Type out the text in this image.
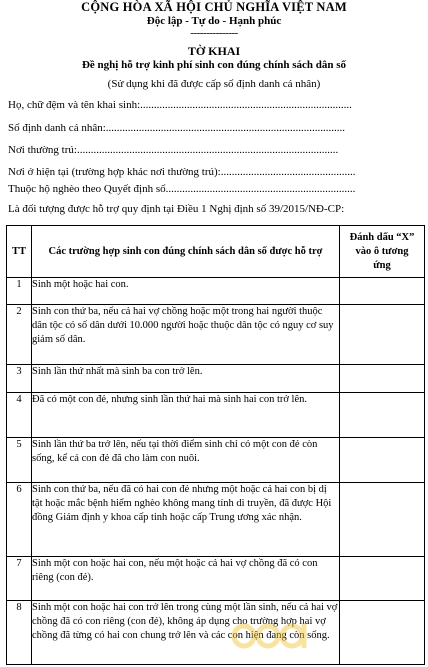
CỘNG HÒA XÃ HỘI CHỦ NGHĨA VIỆT NAM
Độc lập - Tự do - Hạnh phúc
---------------
TỜ KHAI
Đề nghị hỗ trợ kinh phí sinh con đúng chính sách dân số
(Sử dụng khi đã được cấp số định danh cá nhân)
Họ, chữ đệm và tên khai sinh:.............................................................................
Số định danh cá nhân:.......................................................................................
Nơi thường trú:...............................................................................................
Nơi ở hiện tại (trường hợp khác nơi thường trú):.................................................
Thuộc hộ nghèo theo Quyết định số.....................................................................
Là đối tượng được hỗ trợ quy định tại Điều 1 Nghị định số 39/2015/NĐ-CP:
TT	Các trường hợp sinh con đúng chính sách dân số được hỗ trợ	Đánh dấu “X” vào ô tương ứng
1	Sinh một hoặc hai con.	
2	Sinh con thứ ba, nếu cả hai vợ chồng hoặc một trong hai người thuộc dân tộc có số dân dưới 10.000 người hoặc thuộc dân tộc có nguy cơ suy giảm số dân.	
3	Sinh lần thứ nhất mà sinh ba con trở lên.	
4	Đã có một con đẻ, nhưng sinh lần thứ hai mà sinh hai con trở lên.	
5	Sinh lần thứ ba trở lên, nếu tại thời điểm sinh chỉ có một con đẻ còn sống, kể cả con đẻ đã cho làm con nuôi.	
6	Sinh con thứ ba, nếu đã có hai con đẻ nhưng một hoặc cả hai con bị dị tật hoặc mắc bệnh hiểm nghèo không mang tính di truyền, đã được Hội đồng Giám định y khoa cấp tỉnh hoặc cấp Trung ương xác nhận.	
7	Sinh một con hoặc hai con, nếu một hoặc cả hai vợ chồng đã có con riêng (con đẻ).	
8	Sinh một con hoặc hai con trở lên trong cùng một lần sinh, nếu cả hai vợ chồng đã có con riêng (con đẻ), không áp dụng cho trường hợp hai vợ chồng đã từng có hai con chung trở lên và các con hiện đang còn sống.	
